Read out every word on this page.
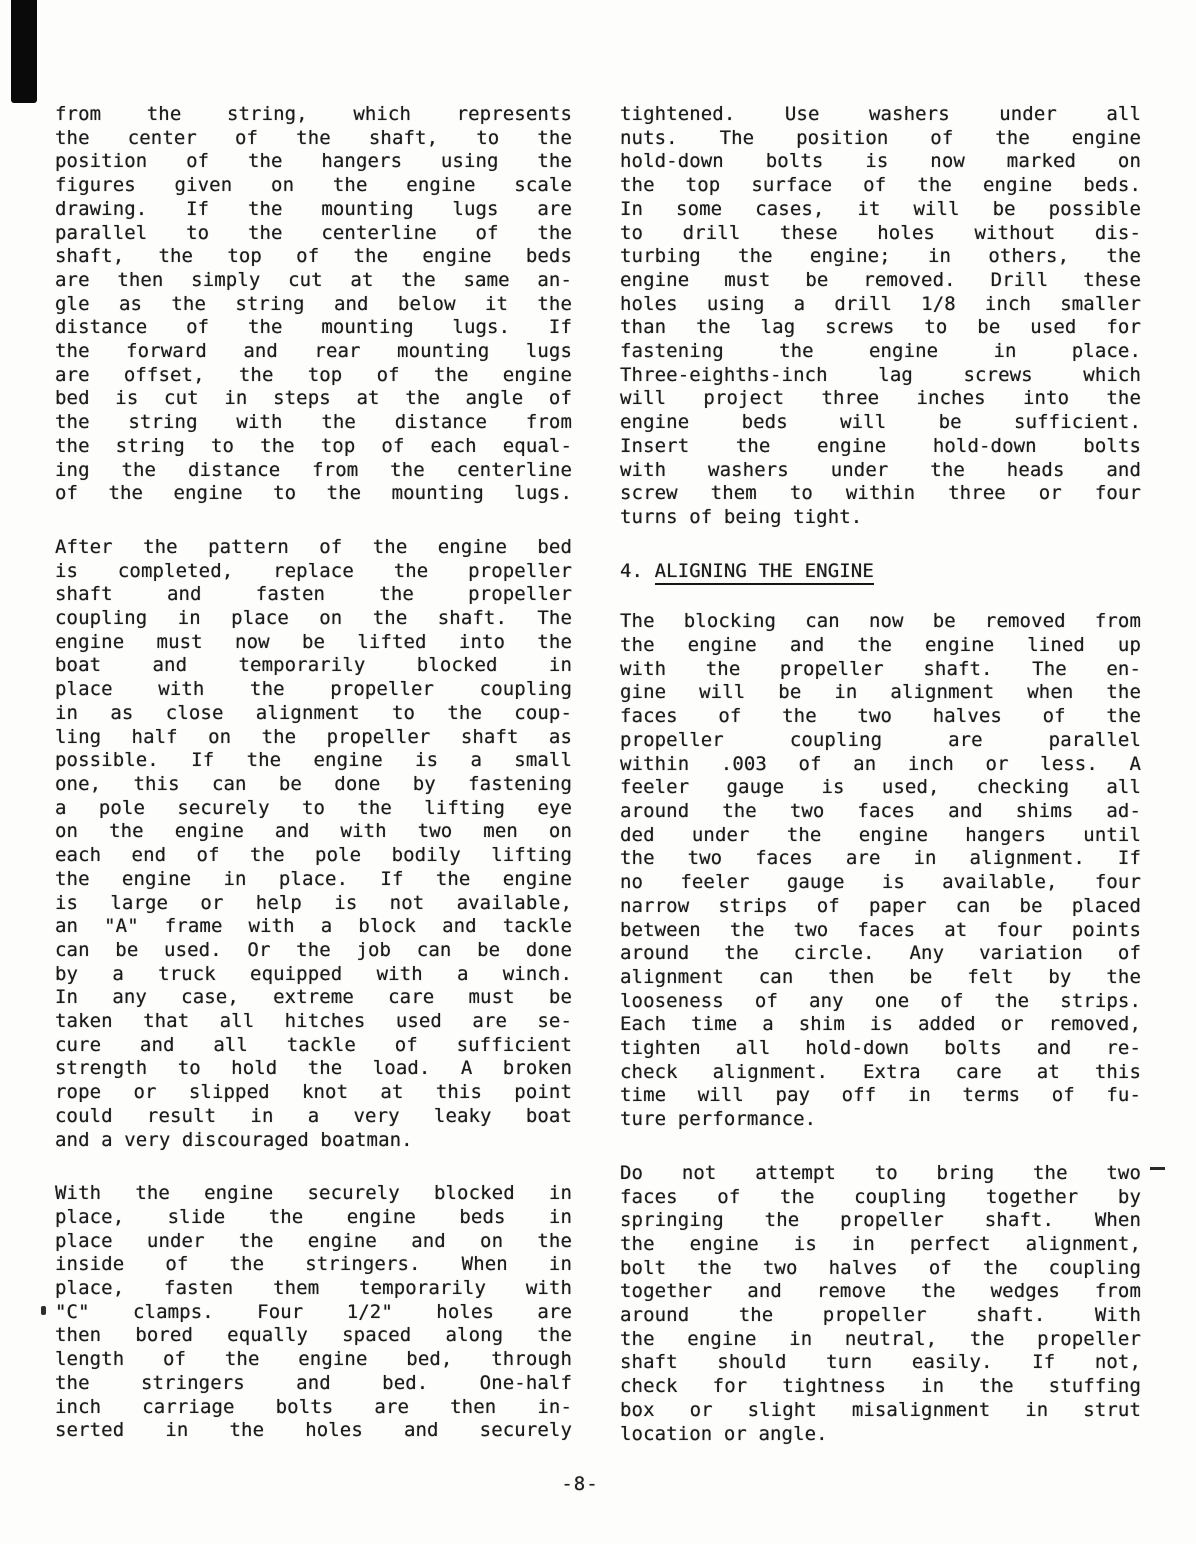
from the string, which represents
the center of the shaft, to the
position of the hangers using the
figures given on the engine scale
drawing. If the mounting lugs are
parallel to the centerline of the
shaft, the top of the engine beds
are then simply cut at the same an-
gle as the string and below it the
distance of the mounting lugs. If
the forward and rear mounting lugs
are offset, the top of the engine
bed is cut in steps at the angle of
the string with the distance from
the string to the top of each equal-
ing the distance from the centerline
of the engine to the mounting lugs.
After the pattern of the engine bed
is completed, replace the propeller
shaft and fasten the propeller
coupling in place on the shaft. The
engine must now be lifted into the
boat and temporarily blocked in
place with the propeller coupling
in as close alignment to the coup-
ling half on the propeller shaft as
possible. If the engine is a small
one, this can be done by fastening
a pole securely to the lifting eye
on the engine and with two men on
each end of the pole bodily lifting
the engine in place. If the engine
is large or help is not available,
an "A" frame with a block and tackle
can be used. Or the job can be done
by a truck equipped with a winch.
In any case, extreme care must be
taken that all hitches used are se-
cure and all tackle of sufficient
strength to hold the load. A broken
rope or slipped knot at this point
could result in a very leaky boat
and a very discouraged boatman.
With the engine securely blocked in
place, slide the engine beds in
place under the engine and on the
inside of the stringers. When in
place, fasten them temporarily with
"C" clamps. Four 1/2" holes are
then bored equally spaced along the
length of the engine bed, through
the stringers and bed. One-half
inch carriage bolts are then in-
serted in the holes and securely
tightened. Use washers under all
nuts. The position of the engine
hold-down bolts is now marked on
the top surface of the engine beds.
In some cases, it will be possible
to drill these holes without dis-
turbing the engine; in others, the
engine must be removed. Drill these
holes using a drill 1/8 inch smaller
than the lag screws to be used for
fastening the engine in place.
Three-eighths-inch lag screws which
will project three inches into the
engine beds will be sufficient.
Insert the engine hold-down bolts
with washers under the heads and
screw them to within three or four
turns of being tight.
4. ALIGNING THE ENGINE
The blocking can now be removed from
the engine and the engine lined up
with the propeller shaft. The en-
gine will be in alignment when the
faces of the two halves of the
propeller coupling are parallel
within .003 of an inch or less. A
feeler gauge is used, checking all
around the two faces and shims ad-
ded under the engine hangers until
the two faces are in alignment. If
no feeler gauge is available, four
narrow strips of paper can be placed
between the two faces at four points
around the circle. Any variation of
alignment can then be felt by the
looseness of any one of the strips.
Each time a shim is added or removed,
tighten all hold-down bolts and re-
check alignment. Extra care at this
time will pay off in terms of fu-
ture performance.
Do not attempt to bring the two
faces of the coupling together by
springing the propeller shaft. When
the engine is in perfect alignment,
bolt the two halves of the coupling
together and remove the wedges from
around the propeller shaft. With
the engine in neutral, the propeller
shaft should turn easily. If not,
check for tightness in the stuffing
box or slight misalignment in strut
location or angle.
-8-
